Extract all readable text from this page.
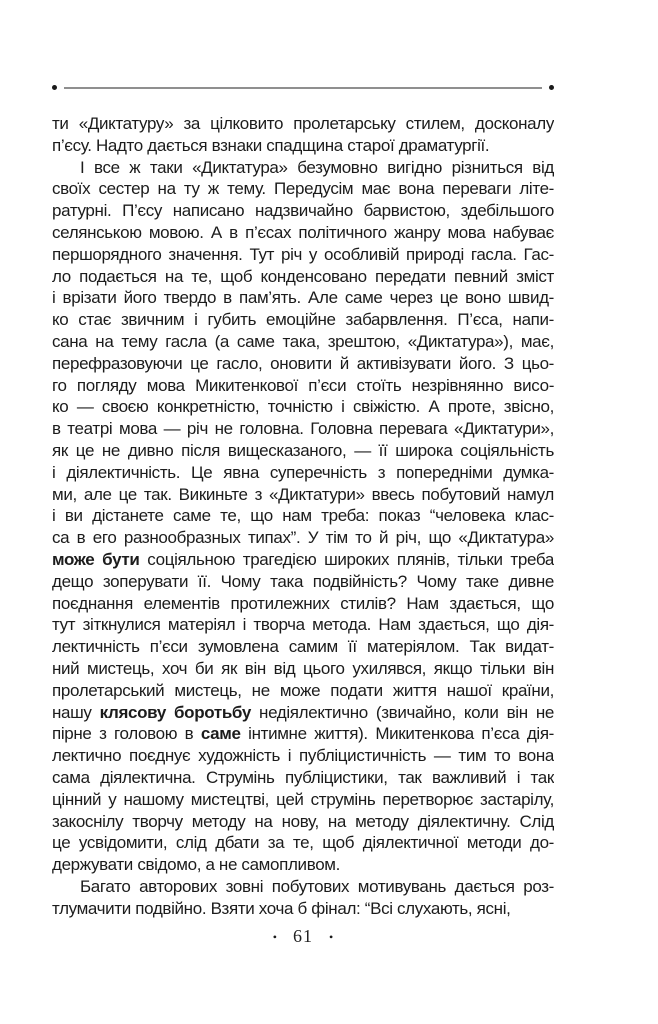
ти «Диктатуру» за цілковито пролетарську стилем, досконалу
п’єсу. Надто дається взнаки спадщина старої драматургії.
І все ж таки «Диктатура» безумовно вигідно різниться від
своїх сестер на ту ж тему. Передусім має вона переваги літе-
ратурні. П’єсу написано надзвичайно барвистою, здебільшого
селянською мовою. А в п’єсах політичного жанру мова набуває
першорядного значення. Тут річ у особливій природі гасла. Гас-
ло подається на те, щоб конденсовано передати певний зміст
і врізати його твердо в пам’ять. Але саме через це воно швид-
ко стає звичним і губить емоційне забарвлення. П’єса, напи-
сана на тему гасла (а саме така, зрештою, «Диктатура»), має,
перефразовуючи це гасло, оновити й активізувати його. З цьо-
го погляду мова Микитенкової п’єси стоїть незрівнянно висо-
ко — своєю конкретністю, точністю і свіжістю. А проте, звісно,
в театрі мова — річ не головна. Головна перевага «Диктатури»,
як це не дивно після вищесказаного, — її широка соціяльність
і діялектичність. Це явна суперечність з попередніми думка-
ми, але це так. Викиньте з «Диктатури» ввесь побутовий намул
і ви дістанете саме те, що нам треба: показ “человека клас-
са в его разнообразных типах”. У тім то й річ, що «Диктатура»
може бути соціяльною трагедією широких плянів, тільки треба
дещо зоперувати її. Чому така подвійність? Чому таке дивне
поєднання елементів протилежних стилів? Нам здається, що
тут зіткнулися матеріял і творча метода. Нам здається, що дія-
лектичність п’єси зумовлена самим її матеріялом. Так видат-
ний мистець, хоч би як він від цього ухилявся, якщо тільки він
пролетарський мистець, не може подати життя нашої країни,
нашу клясову боротьбу недіялектично (звичайно, коли він не
пірне з головою в саме інтимне життя). Микитенкова п’єса дія-
лектично поєднує художність і публіцистичність — тим то вона
сама діялектична. Струмінь публіцистики, так важливий і так
цінний у нашому мистецтві, цей струмінь перетворює застарілу,
закоснілу творчу методу на нову, на методу діялектичну. Слід
це усвідомити, слід дбати за те, щоб діялектичної методи до-
держувати свідомо, а не самопливом.
Багато авторових зовні побутових мотивувань дається роз-
тлумачити подвійно. Взяти хоча б фінал: “Всі слухають, ясні,
• 61 •
